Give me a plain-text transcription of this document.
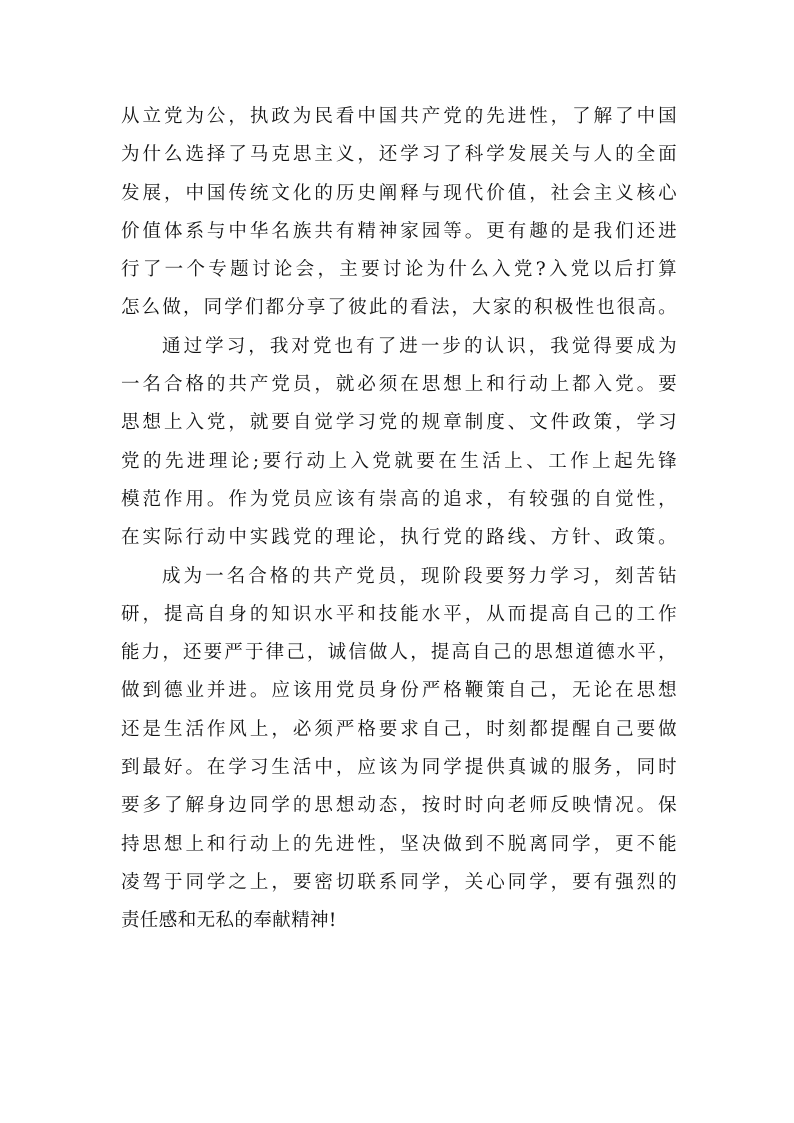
从立党为公，执政为民看中国共产党的先进性，了解了中国
为什么选择了马克思主义，还学习了科学发展关与人的全面
发展，中国传统文化的历史阐释与现代价值，社会主义核心
价值体系与中华名族共有精神家园等。更有趣的是我们还进
行了一个专题讨论会，主要讨论为什么入党?入党以后打算
怎么做，同学们都分享了彼此的看法，大家的积极性也很高。
通过学习，我对党也有了进一步的认识，我觉得要成为
一名合格的共产党员，就必须在思想上和行动上都入党。要
思想上入党，就要自觉学习党的规章制度、文件政策，学习
党的先进理论;要行动上入党就要在生活上、工作上起先锋
模范作用。作为党员应该有崇高的追求，有较强的自觉性，
在实际行动中实践党的理论，执行党的路线、方针、政策。
成为一名合格的共产党员，现阶段要努力学习，刻苦钻
研，提高自身的知识水平和技能水平，从而提高自己的工作
能力，还要严于律己，诚信做人，提高自己的思想道德水平，
做到德业并进。应该用党员身份严格鞭策自己，无论在思想
还是生活作风上，必须严格要求自己，时刻都提醒自己要做
到最好。在学习生活中，应该为同学提供真诚的服务，同时
要多了解身边同学的思想动态，按时时向老师反映情况。保
持思想上和行动上的先进性，坚决做到不脱离同学，更不能
凌驾于同学之上，要密切联系同学，关心同学，要有强烈的
责任感和无私的奉献精神!
